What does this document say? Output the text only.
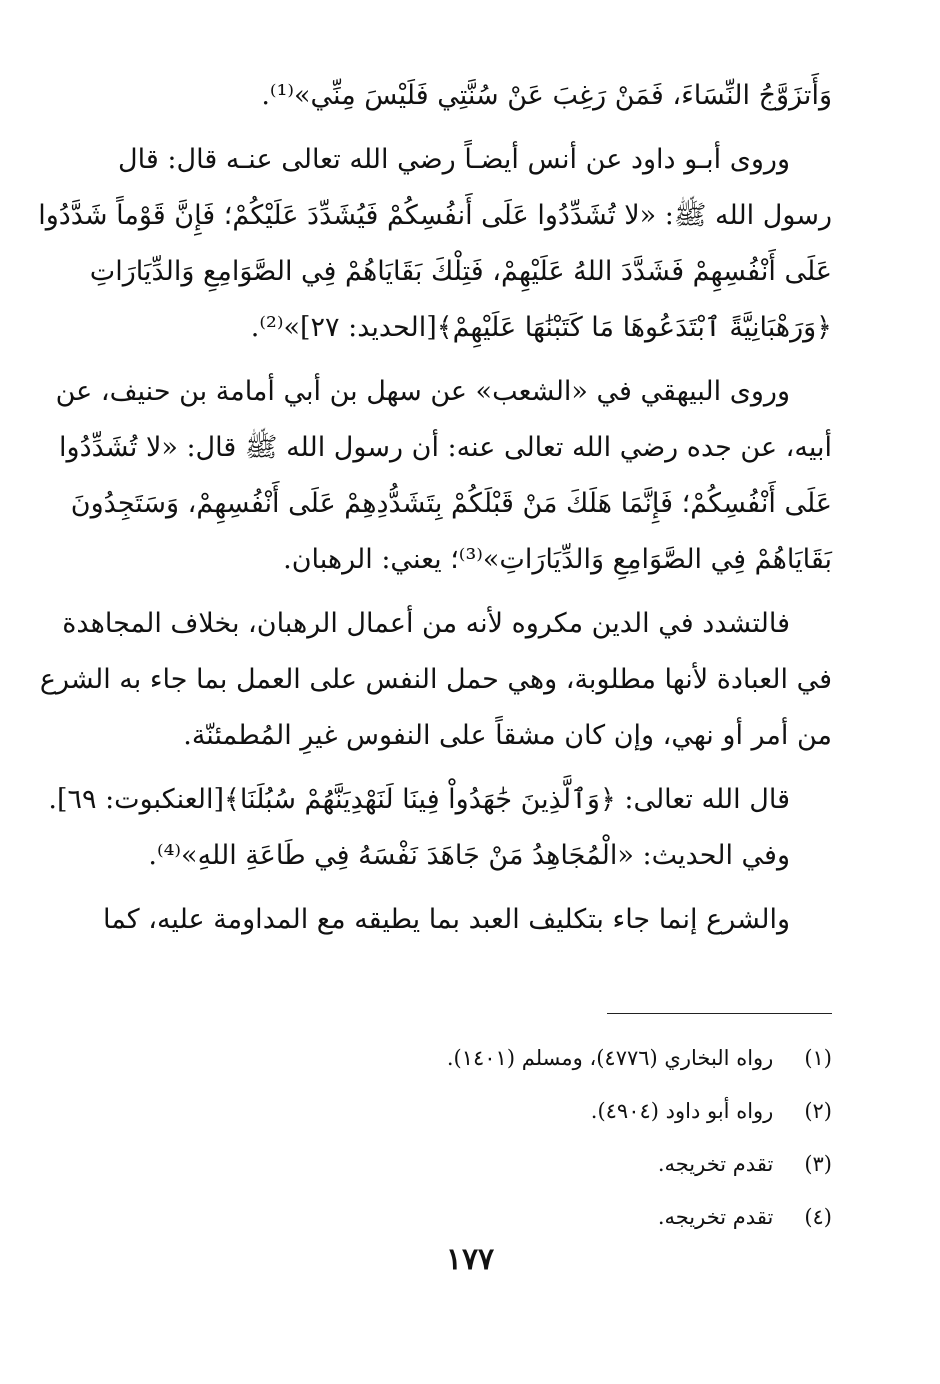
وَأَتزَوَّجُ النِّسَاءَ، فَمَنْ رَغِبَ عَنْ سُنَّتِي فَلَيْسَ مِنِّي»⁽¹⁾.
وروى أبـو داود عن أنس أيضـاً رضي الله تعالى عنـه قال: قال
رسول الله ﷺ: «لا تُشَدِّدُوا عَلَى أَنفُسِكُمْ فَيُشَدِّدَ عَلَيْكُمْ؛ فَإِنَّ قَوْماً شَدَّدُوا
عَلَى أَنْفُسِهِمْ فَشَدَّدَ اللهُ عَلَيْهِمْ، فَتِلْكَ بَقَايَاهُمْ فِي الصَّوَامِعِ وَالدِّيَارَاتِ
﴿وَرَهْبَانِيَّةً ٱبْتَدَعُوهَا مَا كَتَبْنَٰهَا عَلَيْهِمْ﴾[الحديد: ٢٧]»⁽²⁾.
وروى البيهقي في «الشعب» عن سهل بن أبي أمامة بن حنيف، عن
أبيه، عن جده رضي الله تعالى عنه: أن رسول الله ﷺ قال: «لا تُشَدِّدُوا
عَلَى أَنْفُسِكُمْ؛ فَإِنَّمَا هَلَكَ مَنْ قَبْلَكُمْ بِتَشَدُّدِهِمْ عَلَى أَنْفُسِهِمْ، وَسَتَجِدُونَ
بَقَايَاهُمْ فِي الصَّوَامِعِ وَالدِّيَارَاتِ»⁽³⁾؛ يعني: الرهبان.
فالتشدد في الدين مكروه لأنه من أعمال الرهبان، بخلاف المجاهدة
في العبادة لأنها مطلوبة، وهي حمل النفس على العمل بما جاء به الشرع
من أمر أو نهي، وإن كان مشقاً على النفوس غيرِ المُطمئنّة.
قال الله تعالى: ﴿وَٱلَّذِينَ جَٰهَدُواْ فِينَا لَنَهْدِيَنَّهُمْ سُبُلَنَا﴾[العنكبوت: ٦٩].
وفي الحديث: «الْمُجَاهِدُ مَنْ جَاهَدَ نَفْسَهُ فِي طَاعَةِ اللهِ»⁽⁴⁾.
والشرع إنما جاء بتكليف العبد بما يطيقه مع المداومة عليه، كما
(١) رواه البخاري (٤٧٧٦)، ومسلم (١٤٠١).
(٢) رواه أبو داود (٤٩٠٤).
(٣) تقدم تخريجه.
(٤) تقدم تخريجه.
١٧٧
